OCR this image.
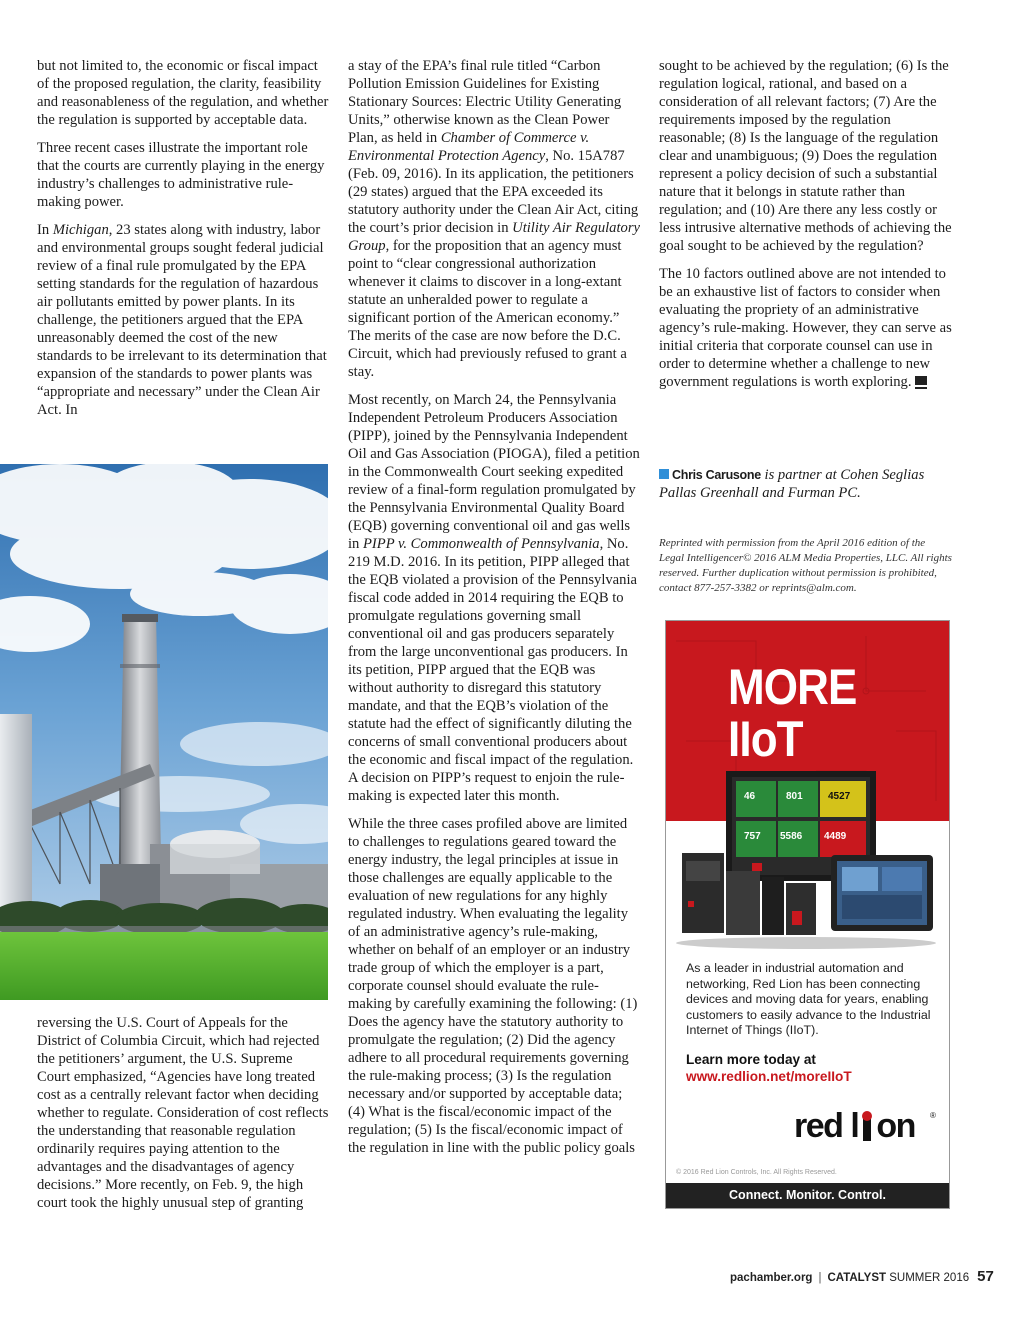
but not limited to, the economic or fiscal impact of the proposed regulation, the clarity, feasibility and reasonableness of the regulation, and whether the regulation is supported by acceptable data.

Three recent cases illustrate the important role that the courts are currently playing in the energy industry’s challenges to administrative rule-making power.

In Michigan, 23 states along with industry, labor and environmental groups sought federal judicial review of a final rule promulgated by the EPA setting standards for the regulation of hazardous air pollutants emitted by power plants. In its challenge, the petitioners argued that the EPA unreasonably deemed the cost of the new standards to be irrelevant to its determination that expansion of the standards to power plants was “appropriate and necessary” under the Clean Air Act. In

reversing the U.S. Court of Appeals for the District of Columbia Circuit, which had rejected the petitioners’ argument, the U.S. Supreme Court emphasized, “Agencies have long treated cost as a centrally relevant factor when deciding whether to regulate. Consideration of cost reflects the understanding that reasonable regulation ordinarily requires paying attention to the advantages and the disadvantages of agency decisions.” More recently, on Feb. 9, the high court took the highly unusual step of granting

a stay of the EPA’s final rule titled “Carbon Pollution Emission Guidelines for Existing Stationary Sources: Electric Utility Generating Units,” otherwise known as the Clean Power Plan, as held in Chamber of Commerce v. Environmental Protection Agency, No. 15A787 (Feb. 09, 2016). In its application, the petitioners (29 states) argued that the EPA exceeded its statutory authority under the Clean Air Act, citing the court’s prior decision in Utility Air Regulatory Group, for the proposition that an agency must point to “clear congressional authorization whenever it claims to discover in a long-extant statute an unheralded power to regulate a significant portion of the American economy.” The merits of the case are now before the D.C. Circuit, which had previously refused to grant a stay.

Most recently, on March 24, the Pennsylvania Independent Petroleum Producers Association (PIPP), joined by the Pennsylvania Independent Oil and Gas Association (PIOGA), filed a petition in the Commonwealth Court seeking expedited review of a final-form regulation promulgated by the Pennsylvania Environmental Quality Board (EQB) governing conventional oil and gas wells in PIPP v. Commonwealth of Pennsylvania, No. 219 M.D. 2016. In its petition, PIPP alleged that the EQB violated a provision of the Pennsylvania fiscal code added in 2014 requiring the EQB to promulgate regulations governing small conventional oil and gas producers separately from the large unconventional gas producers. In its petition, PIPP argued that the EQB was without authority to disregard this statutory mandate, and that the EQB’s violation of the statute had the effect of significantly diluting the concerns of small conventional producers about the economic and fiscal impact of the regulation. A decision on PIPP’s request to enjoin the rule-making is expected later this month.

While the three cases profiled above are limited to challenges to regulations geared toward the energy industry, the legal principles at issue in those challenges are equally applicable to the evaluation of new regulations for any highly regulated industry. When evaluating the legality of an administrative agency’s rule-making, whether on behalf of an employer or an industry trade group of which the employer is a part, corporate counsel should evaluate the rule-making by carefully examining the following: (1) Does the agency have the statutory authority to promulgate the regulation; (2) Did the agency adhere to all procedural requirements governing the rule-making process; (3) Is the regulation necessary and/or supported by acceptable data; (4) What is the fiscal/economic impact of the regulation; (5) Is the fiscal/economic impact of the regulation in line with the public policy goals

sought to be achieved by the regulation; (6) Is the regulation logical, rational, and based on a consideration of all relevant factors; (7) Are the requirements imposed by the regulation reasonable; (8) Is the language of the regulation clear and unambiguous; (9) Does the regulation represent a policy decision of such a substantial nature that it belongs in statute rather than regulation; and (10) Are there any less costly or less intrusive alternative methods of achieving the goal sought to be achieved by the regulation?

The 10 factors outlined above are not intended to be an exhaustive list of factors to consider when evaluating the propriety of an administrative agency’s rule-making. However, they can serve as initial criteria that corporate counsel can use in order to determine whether a challenge to new government regulations is worth exploring.

Chris Carusone is partner at Cohen Seglias Pallas Greenhall and Furman PC.
Reprinted with permission from the April 2016 edition of the Legal Intelligencer© 2016 ALM Media Properties, LLC. All rights reserved. Further duplication without permission is prohibited, contact 877-257-3382 or reprints@alm.com.
MORE
IIoT
46	801	4527
757 5586 4489
As a leader in industrial automation and networking, Red Lion has been connecting devices and moving data for years, enabling customers to easily advance to the Industrial Internet of Things (IIoT).
Learn more today at
www.redlion.net/moreIIoT
red l on ®
© 2016 Red Lion Controls, Inc. All Rights Reserved.
Connect. Monitor. Control.
pachamber.org | CATALYST SUMMER 2016 57
